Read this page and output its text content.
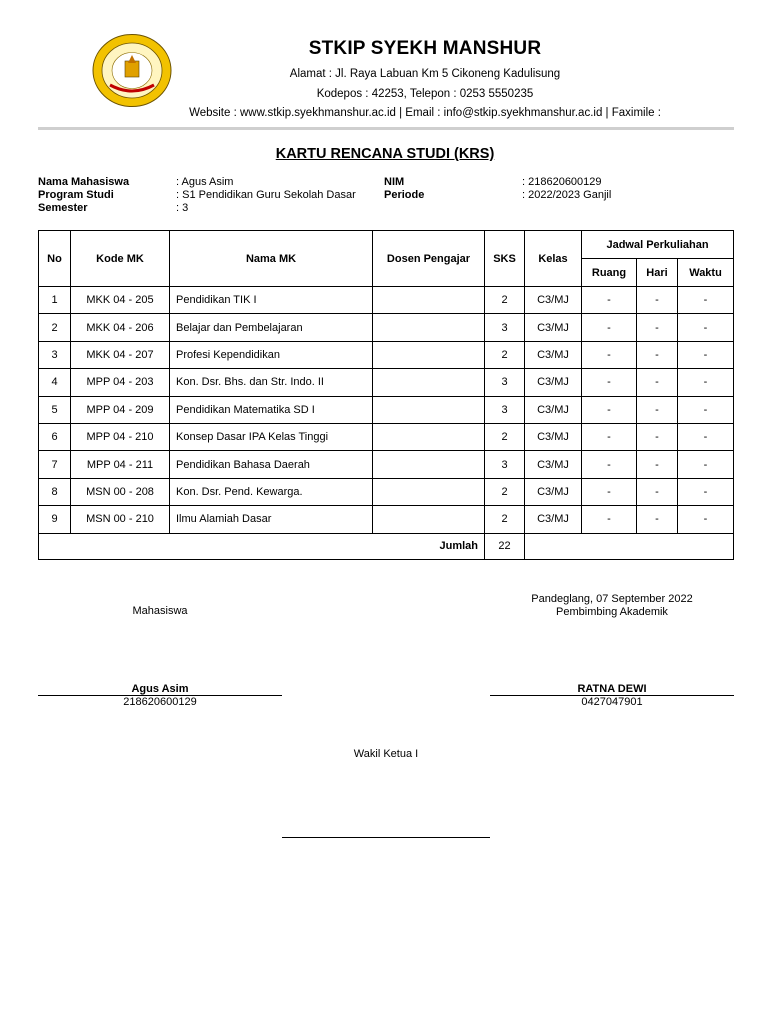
STKIP SYEKH MANSHUR
Alamat : Jl. Raya Labuan Km 5 Cikoneng Kadulisung
Kodepos : 42253, Telepon : 0253 5550235
Website : www.stkip.syekhmanshur.ac.id | Email : info@stkip.syekhmanshur.ac.id | Faximile :
KARTU RENCANA STUDI (KRS)
Nama Mahasiswa	: Agus Asim
Program Studi	: S1 Pendidikan Guru Sekolah Dasar
Semester	: 3
NIM	: 218620600129
Periode	: 2022/2023 Ganjil
No	Kode MK	Nama MK	Dosen Pengajar	SKS	Kelas	Jadwal Perkuliahan		
						Ruang	Hari	Waktu
1	MKK 04 - 205	Pendidikan TIK I		2	C3/MJ	-	-	-
2	MKK 04 - 206	Belajar dan Pembelajaran		3	C3/MJ	-	-	-
3	MKK 04 - 207	Profesi Kependidikan		2	C3/MJ	-	-	-
4	MPP 04 - 203	Kon. Dsr. Bhs. dan Str. Indo. II		3	C3/MJ	-	-	-
5	MPP 04 - 209	Pendidikan Matematika SD I		3	C3/MJ	-	-	-
6	MPP 04 - 210	Konsep Dasar IPA Kelas Tinggi		2	C3/MJ	-	-	-
7	MPP 04 - 211	Pendidikan Bahasa Daerah		3	C3/MJ	-	-	-
8	MSN 00 - 208	Kon. Dsr. Pend. Kewarga.		2	C3/MJ	-	-	-
9	MSN 00 - 210	Ilmu Alamiah Dasar		2	C3/MJ	-	-	-
Jumlah				22				
Pandeglang, 07 September 2022
Mahasiswa	Pembimbing Akademik
Agus Asim
218620600129
RATNA DEWI
0427047901
Wakil Ketua I
